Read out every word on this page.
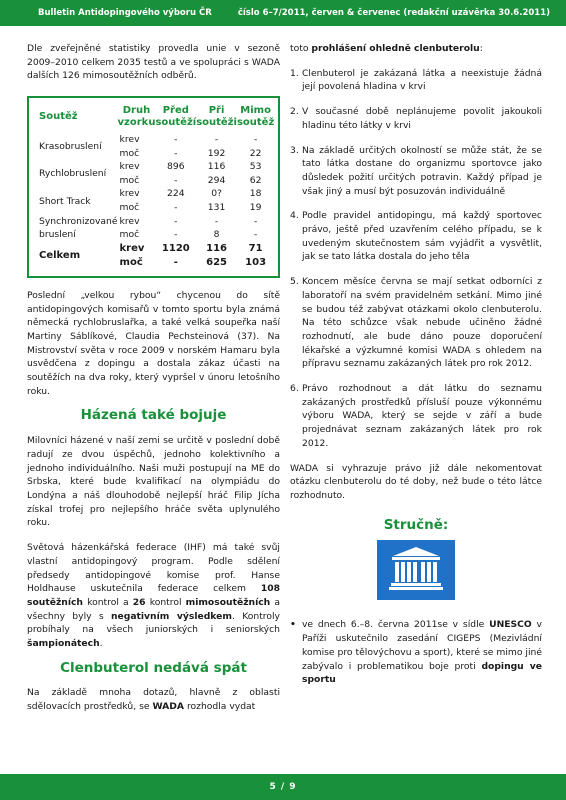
Bulletin Antidopingového výboru ČR	číslo 6–7/2011, červen & červenec (redakční uzávěrka 30.6.2011)

Dle zveřejněné statistiky provedla unie v sezoně 2009–2010 celkem 2035 testů a ve spolupráci s WADA dalších 126 mimosoutěžních odběrů.

Soutěž	Druh vzorku	Před soutěží	Při soutěži	Mimo soutěž
Krasobruslení	krev	-	-	-
	moč	-	192	22
Rychlobruslení	krev	896	116	53
	moč	-	294	62
Short Track	krev	224	0?	18
	moč	-	131	19
Synchronizované bruslení	krev	-	-	-
	moč	-	8	-
Celkem	krev	1120	116	71
	moč	-	625	103

Poslední „velkou rybou“ chycenou do sítě antidopingových komisařů v tomto sportu byla známá německá rychlobruslařka, a také velká soupeřka naší Martiny Sáblíkové, Claudia Pechsteinová (37). Na Mistrovství světa v roce 2009 v norském Hamaru byla usvědčena z dopingu a dostala zákaz účasti na soutěžích na dva roky, který vypršel v únoru letošního roku.

Házená také bojuje

Milovníci házené v naší zemi se určitě v poslední době radují ze dvou úspěchů, jednoho kolektivního a jednoho individuálního. Naši muži postupují na ME do Srbska, které bude kvalifikací na olympiádu do Londýna a náš dlouhodobě nejlepší hráč Filip Jícha získal trofej pro nejlepšího hráče světa uplynulého roku.

Světová házenkářská federace (IHF) má také svůj vlastní antidopingový program. Podle sdělení předsedy antidopingové komise prof. Hanse Holdhause uskutečnila federace celkem 108 soutěžních kontrol a 26 kontrol mimosoutěžních a všechny byly s negativním výsledkem. Kontroly probíhaly na všech juniorských i seniorských šampionátech.

Clenbuterol nedává spát

Na základě mnoha dotazů, hlavně z oblasti sdělovacích prostředků, se WADA rozhodla vydat

toto prohlášení ohledně clenbuterolu:

1. Clenbuterol je zakázaná látka a neexistuje žádná její povolená hladina v krvi
2. V současné době neplánujeme povolit jakoukoli hladinu této látky v krvi
3. Na základě určitých okolností se může stát, že se tato látka dostane do organizmu sportovce jako důsledek požití určitých potravin. Každý případ je však jiný a musí být posuzován individuálně
4. Podle pravidel antidopingu, má každý sportovec právo, ještě před uzavřením celého případu, se k uvedeným skutečnostem sám vyjádřit a vysvětlit, jak se tato látka dostala do jeho těla
5. Koncem měsíce června se mají setkat odborníci z laboratoří na svém pravidelném setkání. Mimo jiné se budou též zabývat otázkami okolo clenbuterolu. Na této schůzce však nebude učiněno žádné rozhodnutí, ale bude dáno pouze doporučení lékařské a výzkumné komisi WADA s ohledem na přípravu seznamu zakázaných látek pro rok 2012.
6. Právo rozhodnout a dát látku do seznamu zakázaných prostředků přísluší pouze výkonnému výboru WADA, který se sejde v září a bude projednávat seznam zakázaných látek pro rok 2012.

WADA si vyhrazuje právo již dále nekomentovat otázku clenbuterolu do té doby, než bude o této látce rozhodnuto.

Stručně:
• ve dnech 6.–8. června 2011se v sídle UNESCO v Paříži uskutečnilo zasedání CIGEPS (Mezivládní komise pro tělovýchovu a sport), které se mimo jiné zabývalo i problematikou boje proti dopingu ve sportu
5 / 9
